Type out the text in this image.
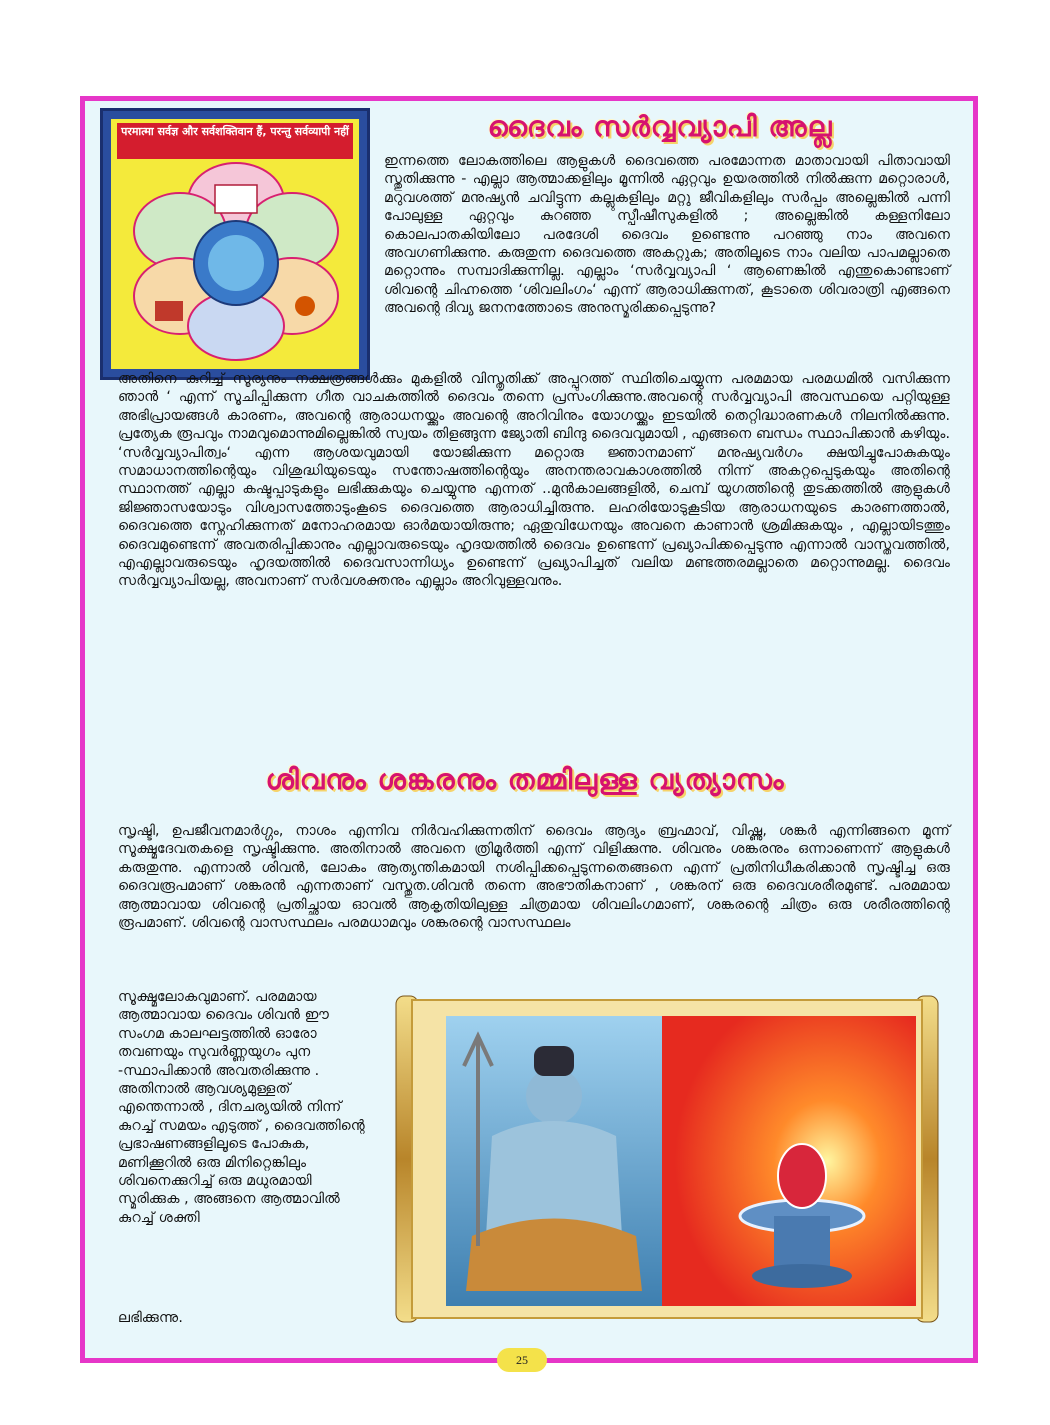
परमात्मा सर्वज्ञ और सर्वशक्तिवान हैं, परन्तु सर्वव्यापी नहीं	ദൈവം സർവ്വവ്യാപി അല്ല

ഇന്നത്തെ ലോകത്തിലെ ആളുകൾ ദൈവത്തെ പരമോന്നത മാതാവായി പിതാവായി സ്തുതിക്കുന്നു - എല്ലാ ആത്മാക്കളിലും മൂന്നിൽ ഏറ്റവും ഉയരത്തിൽ നിൽക്കുന്ന മറ്റൊരാൾ, മറുവശത്ത് മനുഷ്യൻ ചവിട്ടുന്ന കല്ലുകളിലും മറ്റു ജീവികളിലും സർപ്പം അല്ലെങ്കിൽ പന്നി പോലുള്ള ഏറ്റവും കുറഞ്ഞ സ്പീഷീസുകളിൽ ; അല്ലെങ്കിൽ കള്ളനിലോ കൊലപാതകിയിലോ പരദേശി ദൈവം ഉണ്ടെന്നു പറഞ്ഞു നാം അവനെ അവഗണിക്കുന്നു. കരുതുന്ന ദൈവത്തെ അകറ്റുക; അതിലൂടെ നാം വലിയ പാപമല്ലാതെ മറ്റൊന്നും സമ്പാദിക്കുന്നില്ല. എല്ലാം ‘സർവ്വവ്യാപി ‘ ആണെങ്കിൽ എന്തുകൊണ്ടാണ് ശിവന്റെ ചിഹ്നത്തെ ‘ശിവലിംഗം‘ എന്ന് ആരാധിക്കുന്നത്, കൂടാതെ ശിവരാത്രി എങ്ങനെ അവന്റെ ദിവ്യ ജനനത്തോടെ അനുസ്മരിക്കപ്പെടുന്നു?

അതിനെ കുറിച്ച് സൂര്യനും നക്ഷത്രങ്ങൾക്കും മുകളിൽ വിസ്തൃതിക്ക് അപ്പുറത്ത് സ്ഥിതിചെയ്യുന്ന പരമമായ പരമധമിൽ വസിക്കുന്ന ഞാൻ ‘ എന്ന് സൂചിപ്പിക്കുന്ന ഗീത വാചകത്തിൽ ദൈവം തന്നെ പ്രസംഗിക്കുന്നു.അവന്റെ സർവ്വവ്യാപി അവസ്ഥയെ പറ്റിയുള്ള അഭിപ്രായങ്ങൾ കാരണം, അവന്റെ ആരാധനയ്ക്കും അവന്റെ അറിവിനും യോഗയ്ക്കും ഇടയിൽ തെറ്റിദ്ധാരണകൾ നിലനിൽക്കുന്നു. പ്രത്യേക രൂപവും നാമവുമൊന്നുമില്ലെങ്കിൽ സ്വയം തിളങ്ങുന്ന ജ്യോതി ബിന്ദു ദൈവവുമായി , എങ്ങനെ ബന്ധം സ്ഥാപിക്കാൻ കഴിയും. ‘സർവ്വവ്യാപിത്വം‘ എന്ന ആശയവുമായി യോജിക്കുന്ന മറ്റൊരു ജ്ഞാനമാണ് മനുഷ്യവർഗം ക്ഷയിച്ചുപോകുകയും സമാധാനത്തിന്റെയും വിശുദ്ധിയുടെയും സന്തോഷത്തിന്റെയും അനന്തരാവകാശത്തിൽ നിന്ന് അകറ്റപ്പെടുകയും അതിന്റെ സ്ഥാനത്ത് എല്ലാ കഷ്ടപ്പാടുകളും ലഭിക്കുകയും ചെയ്യുന്നു എന്നത് ..മുൻകാലങ്ങളിൽ, ചെമ്പ് യുഗത്തിന്റെ തുടക്കത്തിൽ ആളുകൾ ജിജ്ഞാസയോടും വിശ്വാസത്തോടുംകൂടെ ദൈവത്തെ ആരാധിച്ചിരുന്നു. ലഹരിയോടുകൂടിയ ആരാധനയുടെ കാരണത്താൽ, ദൈവത്തെ സ്നേഹിക്കുന്നത് മനോഹരമായ ഓർമയായിരുന്നു; ഏതുവിധേനയും അവനെ കാണാൻ ശ്രമിക്കുകയും , എല്ലായിടത്തും ദൈവമുണ്ടെന്ന് അവതരിപ്പിക്കാനും എല്ലാവരുടെയും ഹൃദയത്തിൽ ദൈവം ഉണ്ടെന്ന് പ്രഖ്യാപിക്കപ്പെടുന്നു എന്നാൽ വാസ്തവത്തിൽ, എഎല്ലാവരുടെയും ഹൃദയത്തിൽ ദൈവസാന്നിധ്യം ഉണ്ടെന്ന് പ്രഖ്യാപിച്ചത് വലിയ മണ്ടത്തരമല്ലാതെ മറ്റൊന്നുമല്ല. ദൈവം സർവ്വവ്യാപിയല്ല, അവനാണ് സർവശക്തനും എല്ലാം അറിവുള്ളവനും.

ശിവനും ശങ്കരനും തമ്മിലുള്ള വ്യത്യാസം

സൃഷ്ടി, ഉപജീവനമാർഗ്ഗം, നാശം എന്നിവ നിർവഹിക്കുന്നതിന് ദൈവം ആദ്യം ബ്രഹ്മാവ്, വിഷ്ണു, ശങ്കർ എന്നിങ്ങനെ മൂന്ന് സൂക്ഷ്മദേവതകളെ സൃഷ്ടിക്കുന്നു. അതിനാൽ അവനെ ത്രിമൂർത്തി എന്ന് വിളിക്കുന്നു. ശിവനും ശങ്കരനും ഒന്നാണെന്ന് ആളുകൾ കരുതുന്നു. എന്നാൽ ശിവൻ, ലോകം ആത്യന്തികമായി നശിപ്പിക്കപ്പെടുന്നതെങ്ങനെ എന്ന് പ്രതിനിധീകരിക്കാൻ സൃഷ്ടിച്ച ഒരു ദൈവരൂപമാണ് ശങ്കരൻ എന്നതാണ് വസ്തുത.ശിവൻ തന്നെ അഭൗതികനാണ് , ശങ്കരന് ഒരു ദൈവശരീരമുണ്ട്. പരമമായ ആത്മാവായ ശിവന്റെ പ്രതിച്ഛായ ഓവൽ ആകൃതിയിലുള്ള ചിത്രമായ ശിവലിംഗമാണ്, ശങ്കരന്റെ ചിത്രം ഒരു ശരീരത്തിന്റെ രൂപമാണ്. ശിവന്റെ വാസസ്ഥലം പരമധാമവും ശങ്കരന്റെ വാസസ്ഥലം

സൂക്ഷ്മലോകവുമാണ്. പരമമായ ആത്മാവായ ദൈവം ശിവൻ ഈ സംഗമ കാലഘട്ടത്തിൽ ഓരോ തവണയും സുവർണ്ണയുഗം പുന -സ്ഥാപിക്കാൻ അവതരിക്കുന്നു . അതിനാൽ ആവശ്യമുള്ളത് എന്തെന്നാൽ , ദിനചര്യയിൽ നിന്ന് കുറച്ച് സമയം എടുത്ത് , ദൈവത്തിന്റെ പ്രഭാഷണങ്ങളിലൂടെ പോകുക, മണിക്കൂറിൽ ഒരു മിനിറ്റെങ്കിലും ശിവനെക്കുറിച്ച് ഒരു മധുരമായി സ്മരിക്കുക , അങ്ങനെ ആത്മാവിൽ കുറച്ച് ശക്തി

ലഭിക്കുന്നു.
25
